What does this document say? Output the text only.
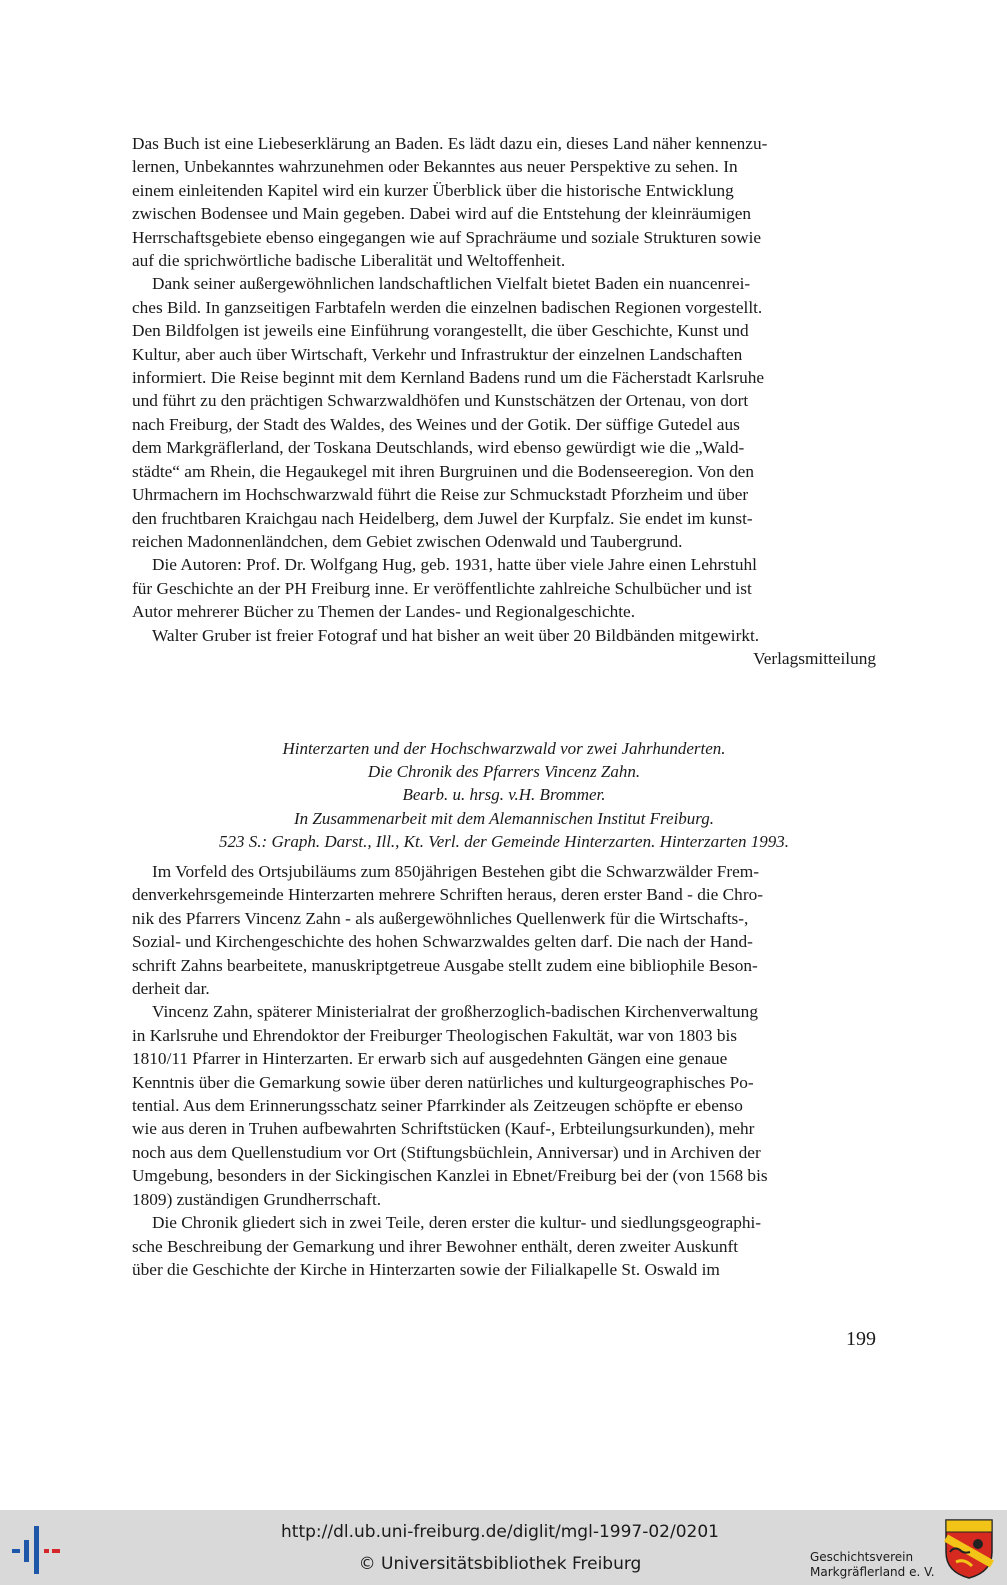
Das Buch ist eine Liebeserklärung an Baden. Es lädt dazu ein, dieses Land näher kennenzu-
lernen, Unbekanntes wahrzunehmen oder Bekanntes aus neuer Perspektive zu sehen. In
einem einleitenden Kapitel wird ein kurzer Überblick über die historische Entwicklung
zwischen Bodensee und Main gegeben. Dabei wird auf die Entstehung der kleinräumigen
Herrschaftsgebiete ebenso eingegangen wie auf Sprachräume und soziale Strukturen sowie
auf die sprichwörtliche badische Liberalität und Weltoffenheit.

Dank seiner außergewöhnlichen landschaftlichen Vielfalt bietet Baden ein nuancenrei-
ches Bild. In ganzseitigen Farbtafeln werden die einzelnen badischen Regionen vorgestellt.
Den Bildfolgen ist jeweils eine Einführung vorangestellt, die über Geschichte, Kunst und
Kultur, aber auch über Wirtschaft, Verkehr und Infrastruktur der einzelnen Landschaften
informiert. Die Reise beginnt mit dem Kernland Badens rund um die Fächerstadt Karlsruhe
und führt zu den prächtigen Schwarzwaldhöfen und Kunstschätzen der Ortenau, von dort
nach Freiburg, der Stadt des Waldes, des Weines und der Gotik. Der süffige Gutedel aus
dem Markgräflerland, der Toskana Deutschlands, wird ebenso gewürdigt wie die „Wald-
städte“ am Rhein, die Hegaukegel mit ihren Burgruinen und die Bodenseeregion. Von den
Uhrmachern im Hochschwarzwald führt die Reise zur Schmuckstadt Pforzheim und über
den fruchtbaren Kraichgau nach Heidelberg, dem Juwel der Kurpfalz. Sie endet im kunst-
reichen Madonnenländchen, dem Gebiet zwischen Odenwald und Taubergrund.

Die Autoren: Prof. Dr. Wolfgang Hug, geb. 1931, hatte über viele Jahre einen Lehrstuhl
für Geschichte an der PH Freiburg inne. Er veröffentlichte zahlreiche Schulbücher und ist
Autor mehrerer Bücher zu Themen der Landes- und Regionalgeschichte.

Walter Gruber ist freier Fotograf und hat bisher an weit über 20 Bildbänden mitgewirkt.

Verlagsmitteilung

Hinterzarten und der Hochschwarzwald vor zwei Jahrhunderten.
Die Chronik des Pfarrers Vincenz Zahn.
Bearb. u. hrsg. v.H. Brommer.
In Zusammenarbeit mit dem Alemannischen Institut Freiburg.
523 S.: Graph. Darst., Ill., Kt. Verl. der Gemeinde Hinterzarten. Hinterzarten 1993.

Im Vorfeld des Ortsjubiläums zum 850jährigen Bestehen gibt die Schwarzwälder Frem-
denverkehrsgemeinde Hinterzarten mehrere Schriften heraus, deren erster Band - die Chro-
nik des Pfarrers Vincenz Zahn - als außergewöhnliches Quellenwerk für die Wirtschafts-,
Sozial- und Kirchengeschichte des hohen Schwarzwaldes gelten darf. Die nach der Hand-
schrift Zahns bearbeitete, manuskriptgetreue Ausgabe stellt zudem eine bibliophile Beson-
derheit dar.

Vincenz Zahn, späterer Ministerialrat der großherzoglich-badischen Kirchenverwaltung
in Karlsruhe und Ehrendoktor der Freiburger Theologischen Fakultät, war von 1803 bis
1810/11 Pfarrer in Hinterzarten. Er erwarb sich auf ausgedehnten Gängen eine genaue
Kenntnis über die Gemarkung sowie über deren natürliches und kulturgeographisches Po-
tential. Aus dem Erinnerungsschatz seiner Pfarrkinder als Zeitzeugen schöpfte er ebenso
wie aus deren in Truhen aufbewahrten Schriftstücken (Kauf-, Erbteilungsurkunden), mehr
noch aus dem Quellenstudium vor Ort (Stiftungsbüchlein, Anniversar) und in Archiven der
Umgebung, besonders in der Sickingischen Kanzlei in Ebnet/Freiburg bei der (von 1568 bis
1809) zuständigen Grundherrschaft.

Die Chronik gliedert sich in zwei Teile, deren erster die kultur- und siedlungsgeographi-
sche Beschreibung der Gemarkung und ihrer Bewohner enthält, deren zweiter Auskunft
über die Geschichte der Kirche in Hinterzarten sowie der Filialkapelle St. Oswald im

199
http://dl.ub.uni-freiburg.de/diglit/mgl-1997-02/0201
© Universitätsbibliothek Freiburg	Geschichtsverein
Markgräflerland e. V.
